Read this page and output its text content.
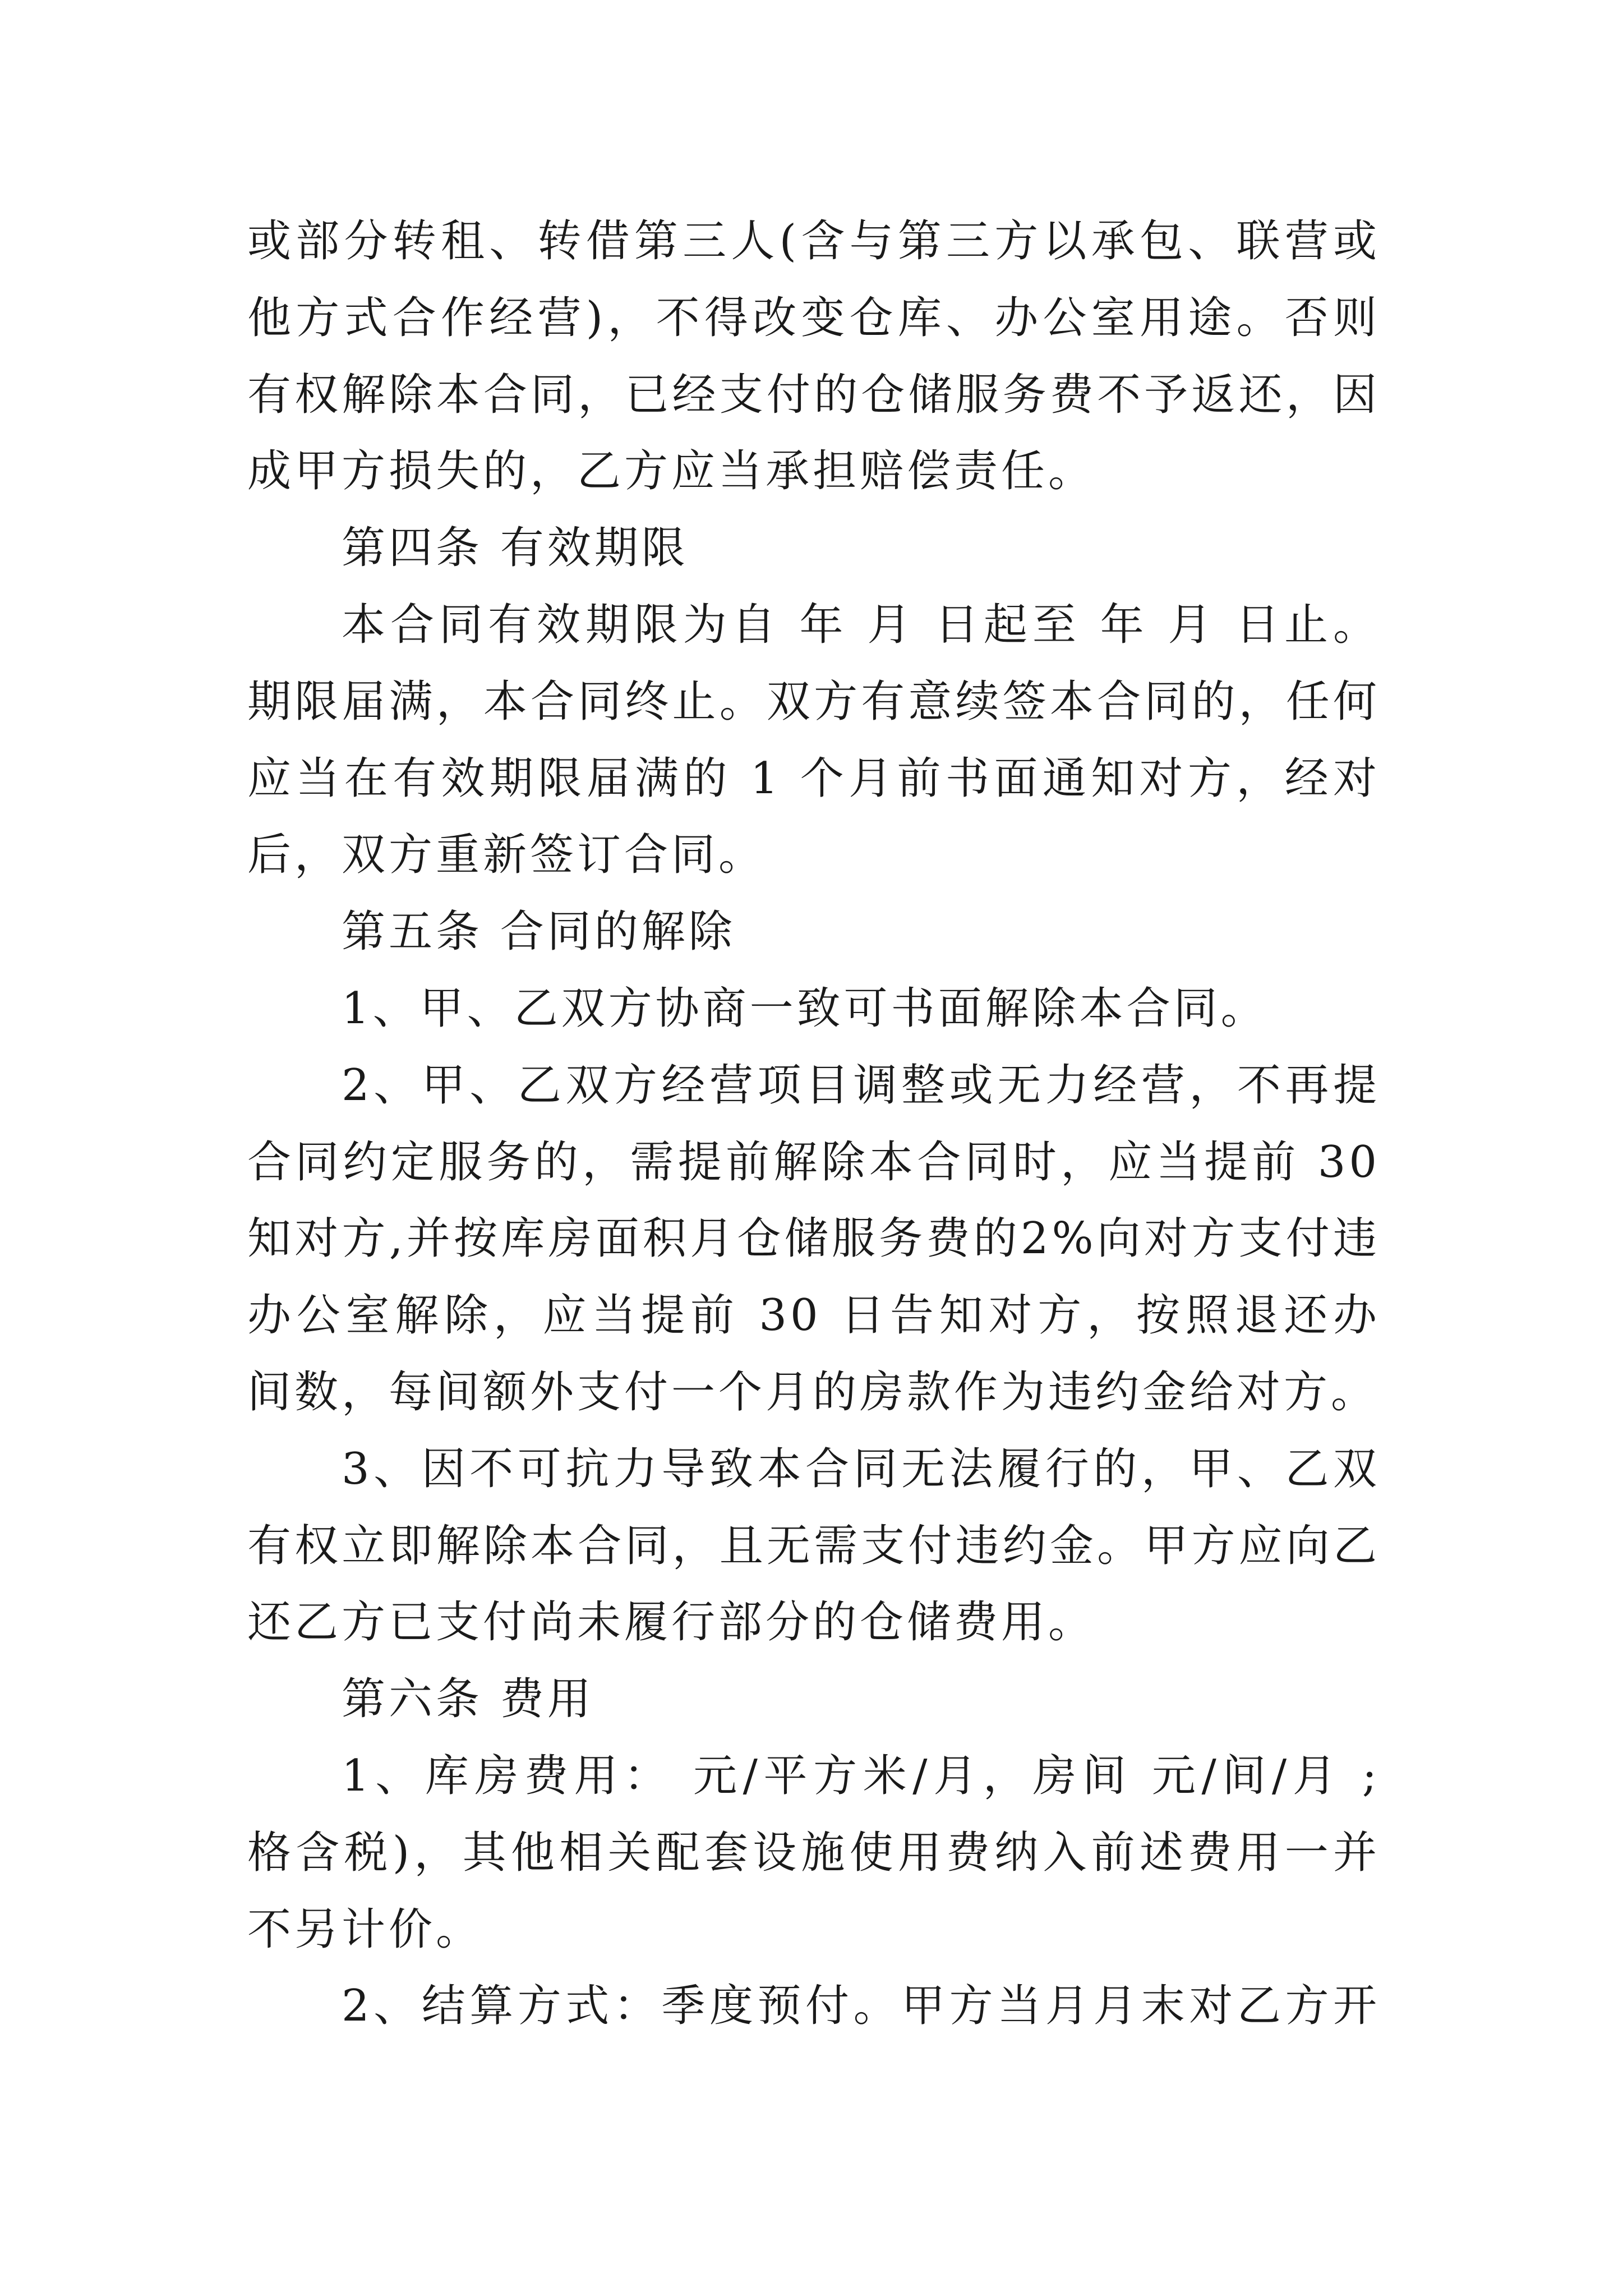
或部分转租、转借第三人(含与第三方以承包、联营或
他方式合作经营)，不得改变仓库、办公室用途。否则
有权解除本合同，已经支付的仓储服务费不予返还，因
成甲方损失的，乙方应当承担赔偿责任。
第四条 有效期限
本合同有效期限为自 年 月 日起至 年 月 日止。
期限届满，本合同终止。双方有意续签本合同的，任何
应当在有效期限届满的 1 个月前书面通知对方，经对
后，双方重新签订合同。
第五条 合同的解除
1、甲、乙双方协商一致可书面解除本合同。
2、甲、乙双方经营项目调整或无力经营，不再提
合同约定服务的，需提前解除本合同时，应当提前 30
知对方,并按库房面积月仓储服务费的2%向对方支付违
办公室解除，应当提前 30 日告知对方，按照退还办
间数，每间额外支付一个月的房款作为违约金给对方。
3、因不可抗力导致本合同无法履行的，甲、乙双
有权立即解除本合同，且无需支付违约金。甲方应向乙
还乙方已支付尚未履行部分的仓储费用。
第六条 费用
1、库房费用： 元/平方米/月，房间 元/间/月 ;
格含税)，其他相关配套设施使用费纳入前述费用一并
不另计价。
2、结算方式：季度预付。甲方当月月末对乙方开
